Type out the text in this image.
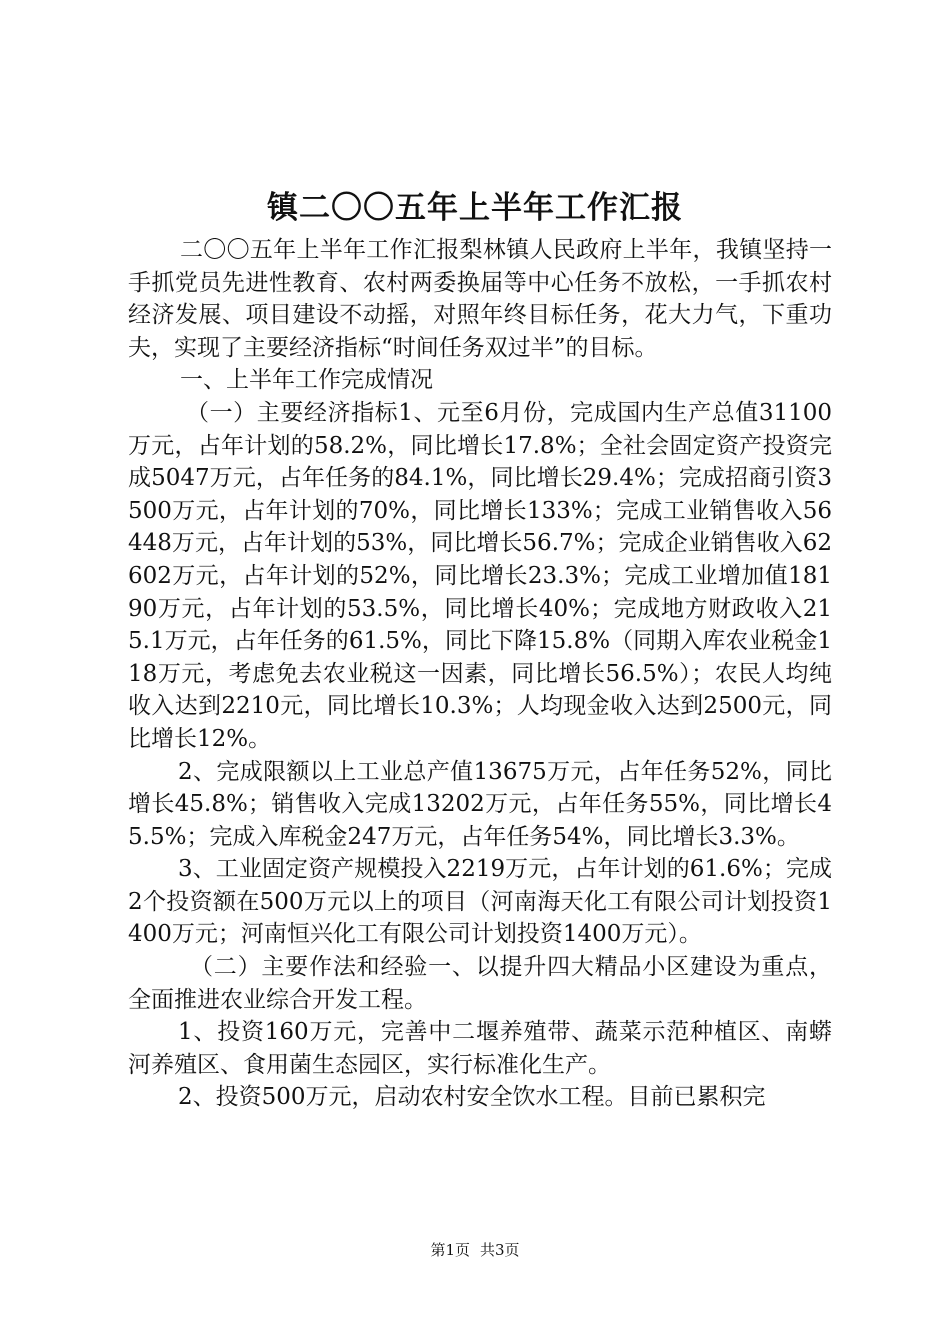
镇二〇〇五年上半年工作汇报

二〇〇五年上半年工作汇报梨林镇人民政府上半年，我镇坚持一手抓党员先进性教育、农村两委换届等中心任务不放松，一手抓农村经济发展、项目建设不动摇，对照年终目标任务，花大力气，下重功夫，实现了主要经济指标“时间任务双过半”的目标。

一、上半年工作完成情况

（一）主要经济指标1、元至6月份，完成国内生产总值31100万元，占年计划的58.2%，同比增长17.8%；全社会固定资产投资完成5047万元，占年任务的84.1%，同比增长29.4%；完成招商引资3500万元，占年计划的70%，同比增长133%；完成工业销售收入56448万元，占年计划的53%，同比增长56.7%；完成企业销售收入62602万元，占年计划的52%，同比增长23.3%；完成工业增加值18190万元，占年计划的53.5%，同比增长40%；完成地方财政收入215.1万元，占年任务的61.5%，同比下降15.8%（同期入库农业税金118万元，考虑免去农业税这一因素，同比增长56.5%）；农民人均纯收入达到2210元，同比增长10.3%；人均现金收入达到2500元，同比增长12%。

2、完成限额以上工业总产值13675万元，占年任务52%，同比增长45.8%；销售收入完成13202万元，占年任务55%，同比增长45.5%；完成入库税金247万元，占年任务54%，同比增长3.3%。

3、工业固定资产规模投入2219万元，占年计划的61.6%；完成2个投资额在500万元以上的项目（河南海天化工有限公司计划投资1400万元；河南恒兴化工有限公司计划投资1400万元）。

（二）主要作法和经验一、以提升四大精品小区建设为重点，全面推进农业综合开发工程。

1、投资160万元，完善中二堰养殖带、蔬菜示范种植区、南蟒河养殖区、食用菌生态园区，实行标准化生产。

2、投资500万元，启动农村安全饮水工程。目前已累积完

第1页 共3页
